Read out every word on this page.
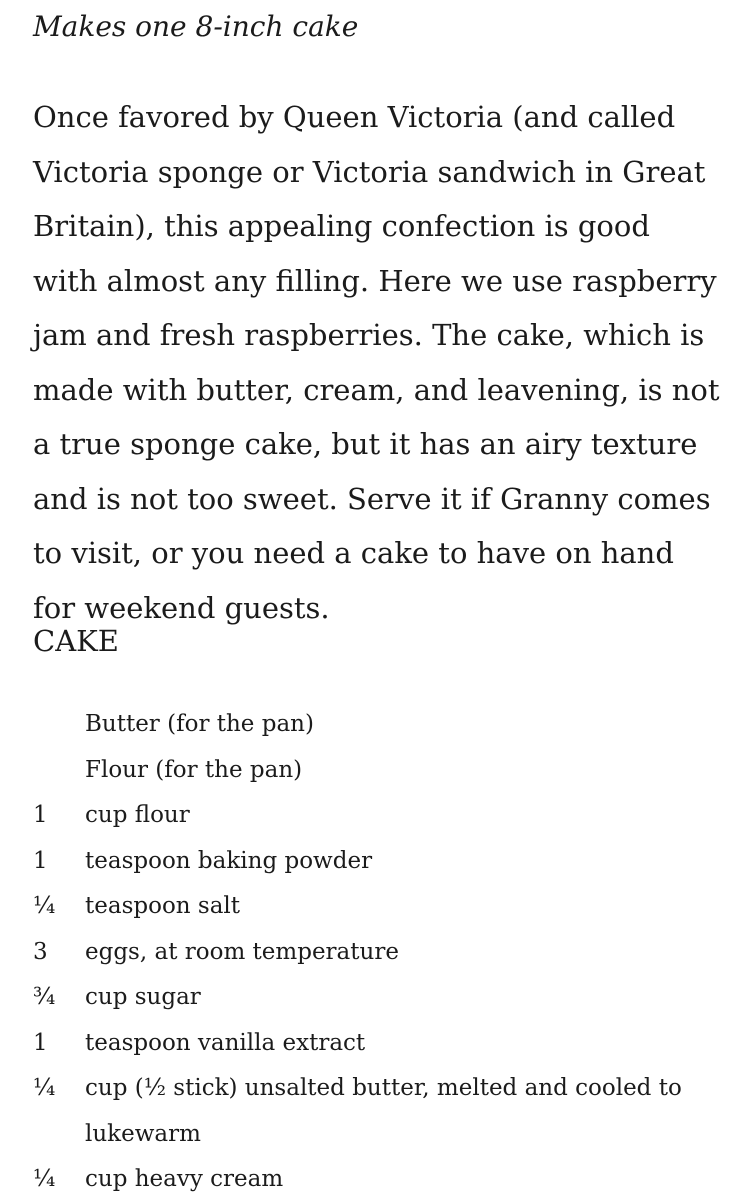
Makes one 8-inch cake

Once favored by Queen Victoria (and called Victoria sponge or Victoria sandwich in Great Britain), this appealing confection is good with almost any filling. Here we use raspberry jam and fresh raspberries. The cake, which is made with butter, cream, and leavening, is not a true sponge cake, but it has an airy texture and is not too sweet. Serve it if Granny comes to visit, or you need a cake to have on hand for weekend guests.

CAKE
Butter (for the pan)
Flour (for the pan)
1	cup flour
1	teaspoon baking powder
¼	teaspoon salt
3	eggs, at room temperature
¾	cup sugar
1	teaspoon vanilla extract
¼	cup (½ stick) unsalted butter, melted and cooled to lukewarm
¼	cup heavy cream
